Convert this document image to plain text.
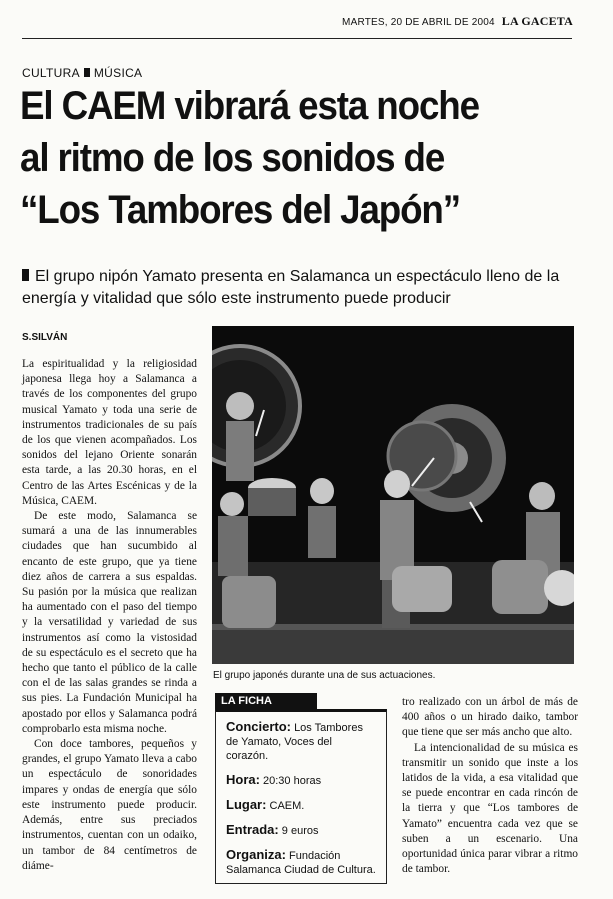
MARTES, 20 DE ABRIL DE 2004 LA GACETA
CULTURA MÚSICA
El CAEM vibrará esta noche
al ritmo de los sonidos de
“Los Tambores del Japón”
El grupo nipón Yamato presenta en Salamanca un espectáculo lleno de la energía y vitalidad que sólo este instrumento puede producir
S.SILVÁN

La espiritualidad y la religiosidad japonesa llega hoy a Salamanca a través de los componentes del grupo musical Yamato y toda una serie de instrumentos tradicionales de su país de los que vienen acompañados. Los sonidos del lejano Oriente sonarán esta tarde, a las 20.30 horas, en el Centro de las Artes Escénicas y de la Música, CAEM.

De este modo, Salamanca se sumará a una de las innumerables ciudades que han sucumbido al encanto de este grupo, que ya tiene diez años de carrera a sus espaldas. Su pasión por la música que realizan ha aumentado con el paso del tiempo y la versatilidad y variedad de sus instrumentos así como la vistosidad de su espectáculo es el secreto que ha hecho que tanto el público de la calle con el de las salas grandes se rinda a sus pies. La Fundación Municipal ha apostado por ellos y Salamanca podrá comprobarlo esta misma noche.

Con doce tambores, pequeños y grandes, el grupo Yamato lleva a cabo un espectáculo de sonoridades impares y ondas de energía que sólo este instrumento puede producir. Además, entre sus preciados instrumentos, cuentan con un odaiko, un tambor de 84 centímetros de diáme-

El grupo japonés durante una de sus actuaciones.
LA FICHA
Concierto: Los Tambores de Yamato, Voces del corazón.
Hora: 20:30 horas
Lugar: CAEM.
Entrada: 9 euros
Organiza: Fundación Salamanca Ciudad de Cultura.

tro realizado con un árbol de más de 400 años o un hirado daiko, tambor que tiene que ser más ancho que alto.

La intencionalidad de su música es transmitir un sonido que inste a los latidos de la vida, a esa vitalidad que se puede encontrar en cada rincón de la tierra y que “Los tambores de Yamato” encuentra cada vez que se suben a un escenario. Una oportunidad única parar vibrar a ritmo de tambor.
